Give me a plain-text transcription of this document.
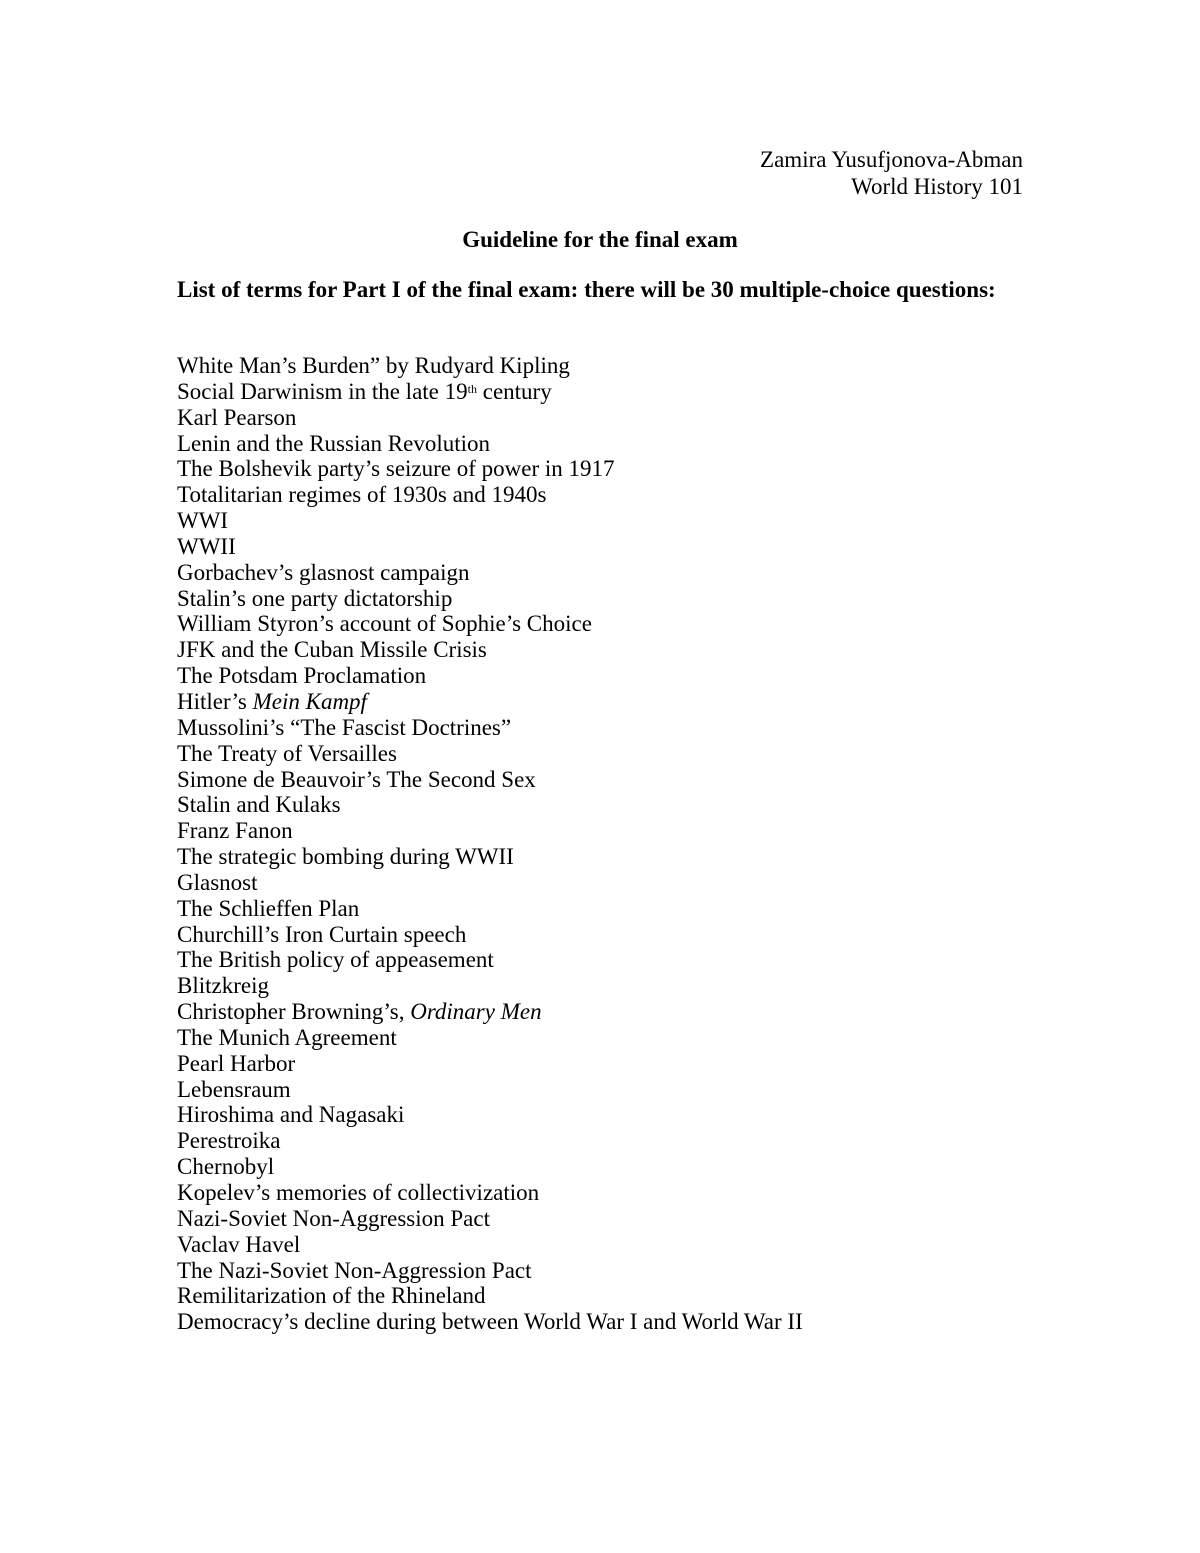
Zamira Yusufjonova-Abman
World History 101
Guideline for the final exam
List of terms for Part I of the final exam: there will be 30 multiple-choice questions:
White Man’s Burden” by Rudyard Kipling
Social Darwinism in the late 19th century
Karl Pearson
Lenin and the Russian Revolution
The Bolshevik party’s seizure of power in 1917
Totalitarian regimes of 1930s and 1940s
WWI
WWII
Gorbachev’s glasnost campaign
Stalin’s one party dictatorship
William Styron’s account of Sophie’s Choice
JFK and the Cuban Missile Crisis
The Potsdam Proclamation
Hitler’s Mein Kampf
Mussolini’s “The Fascist Doctrines”
The Treaty of Versailles
Simone de Beauvoir’s The Second Sex
Stalin and Kulaks
Franz Fanon
The strategic bombing during WWII
Glasnost
The Schlieffen Plan
Churchill’s Iron Curtain speech
The British policy of appeasement
Blitzkreig
Christopher Browning’s, Ordinary Men
The Munich Agreement
Pearl Harbor
Lebensraum
Hiroshima and Nagasaki
Perestroika
Chernobyl
Kopelev’s memories of collectivization
Nazi-Soviet Non-Aggression Pact
Vaclav Havel
The Nazi-Soviet Non-Aggression Pact
Remilitarization of the Rhineland
Democracy’s decline during between World War I and World War II
